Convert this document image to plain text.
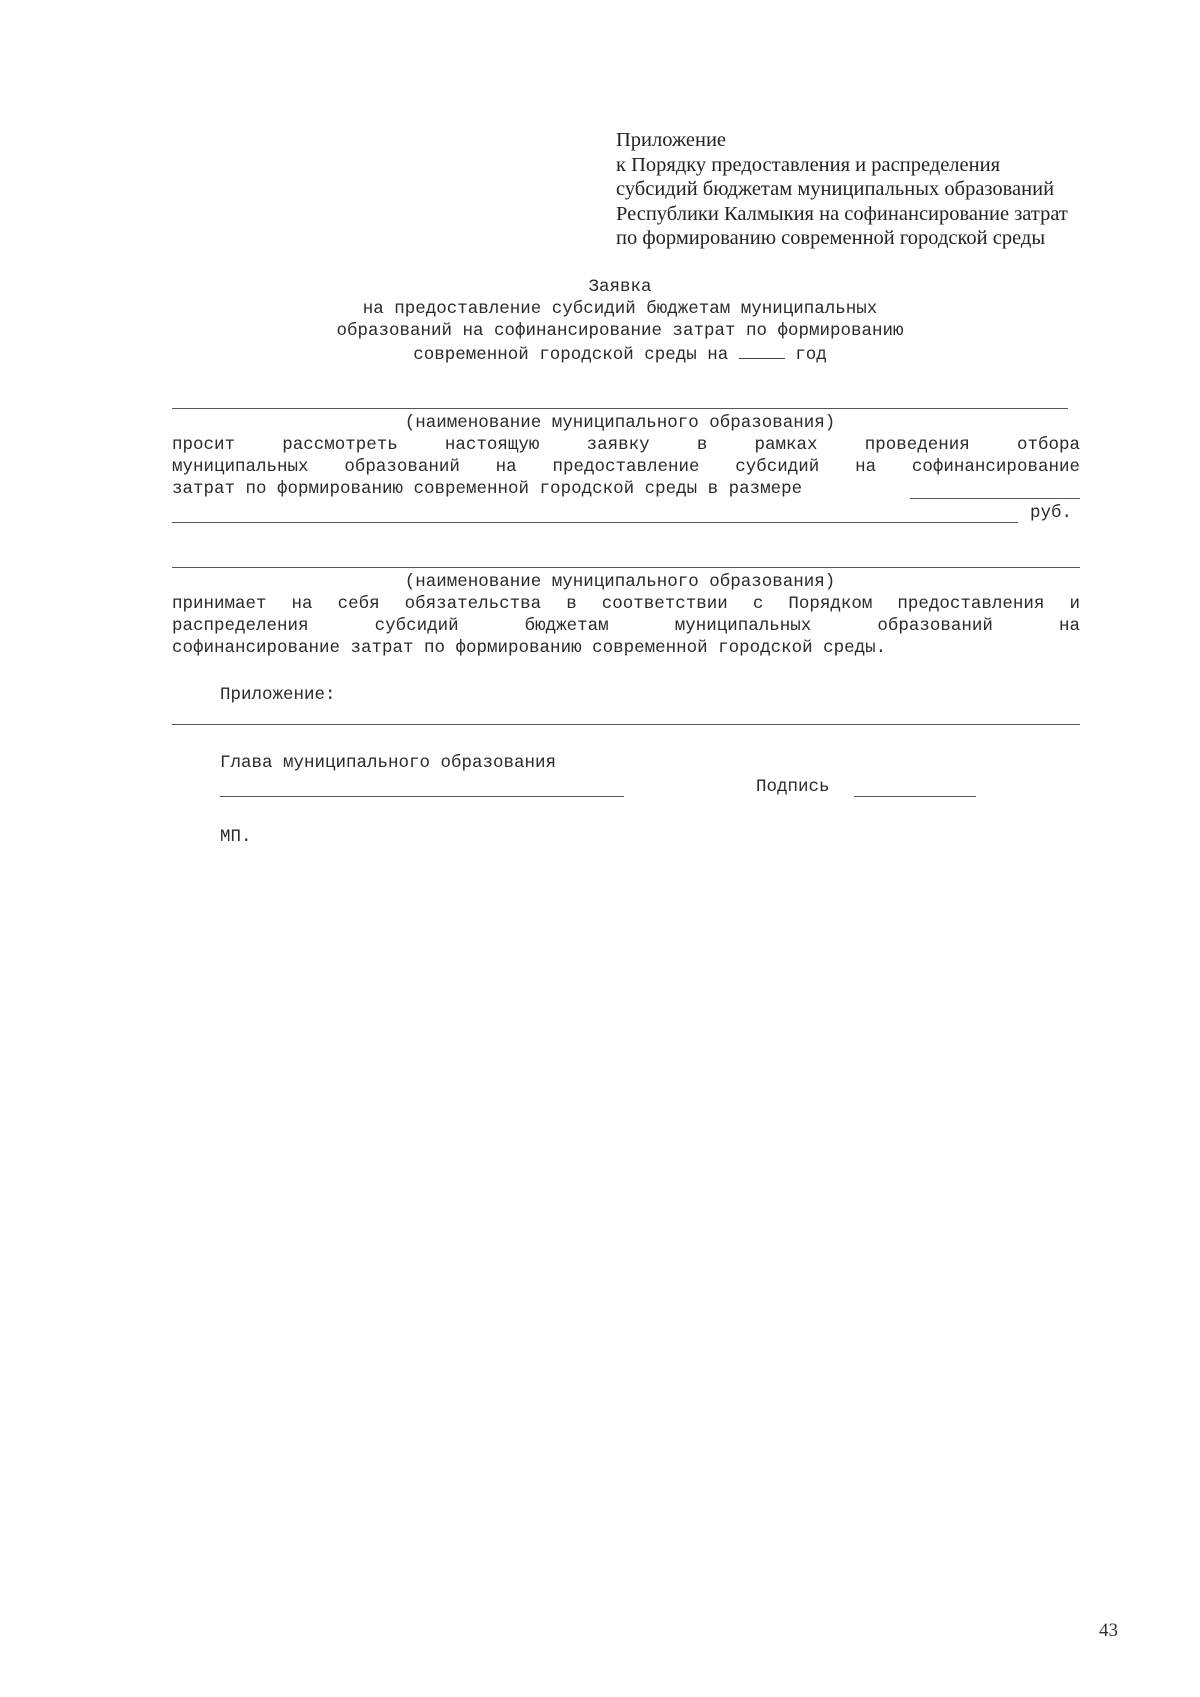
Приложение
к Порядку предоставления и распределения
субсидий бюджетам муниципальных образований
Республики Калмыкия на софинансирование затрат
по формированию современной городской среды
Заявка
на предоставление субсидий бюджетам муниципальных
образований на софинансирование затрат по формированию
современной городской среды на	год
(наименование муниципального образования)
просит	рассмотреть	настоящую	заявку	в	рамках	проведения	отбора
муниципальных образований на предоставление субсидий на софинансирование
затрат по формированию современной городской среды в размере
руб.
(наименование муниципального образования)
принимает на себя обязательства в соответствии с Порядком предоставления и
распределения	субсидий	бюджетам	муниципальных	образований	на
софинансирование затрат по формированию современной городской среды.
Приложение:
Глава муниципального образования
Подпись
МП.
43
